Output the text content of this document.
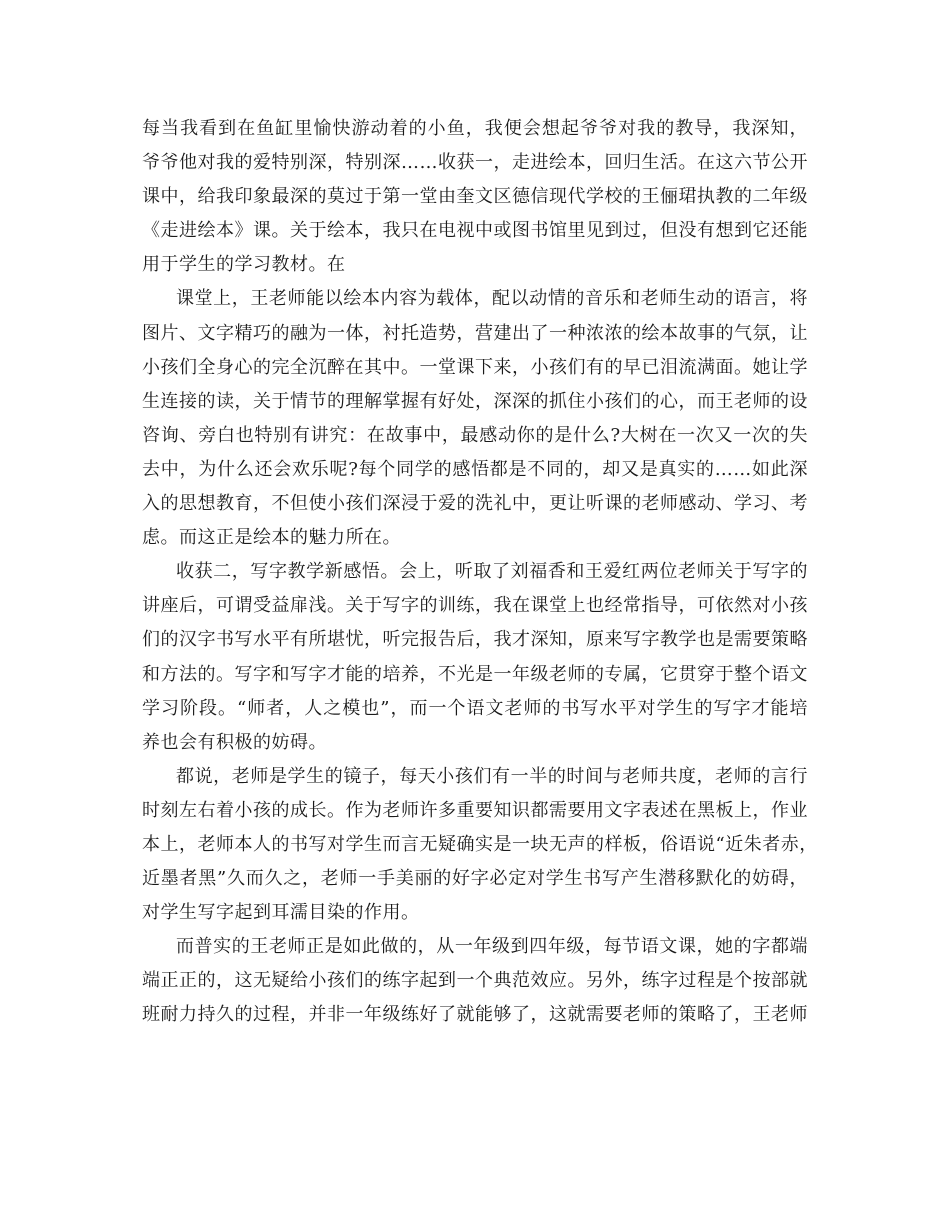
每当我看到在鱼缸里愉快游动着的小鱼，我便会想起爷爷对我的教导，我深知，
爷爷他对我的爱特别深，特别深……收获一，走进绘本，回归生活。在这六节公开
课中，给我印象最深的莫过于第一堂由奎文区德信现代学校的王俪珺执教的二年级
《走进绘本》课。关于绘本，我只在电视中或图书馆里见到过，但没有想到它还能
用于学生的学习教材。在
课堂上，王老师能以绘本内容为载体，配以动情的音乐和老师生动的语言，将
图片、文字精巧的融为一体，衬托造势，营建出了一种浓浓的绘本故事的气氛，让
小孩们全身心的完全沉醉在其中。一堂课下来，小孩们有的早已泪流满面。她让学
生连接的读，关于情节的理解掌握有好处，深深的抓住小孩们的心，而王老师的设
咨询、旁白也特别有讲究：在故事中，最感动你的是什么?大树在一次又一次的失
去中，为什么还会欢乐呢?每个同学的感悟都是不同的，却又是真实的……如此深
入的思想教育，不但使小孩们深浸于爱的洗礼中，更让听课的老师感动、学习、考
虑。而这正是绘本的魅力所在。
收获二，写字教学新感悟。会上，听取了刘福香和王爱红两位老师关于写字的
讲座后，可谓受益扉浅。关于写字的训练，我在课堂上也经常指导，可依然对小孩
们的汉字书写水平有所堪忧，听完报告后，我才深知，原来写字教学也是需要策略
和方法的。写字和写字才能的培养，不光是一年级老师的专属，它贯穿于整个语文
学习阶段。“师者，人之模也”，而一个语文老师的书写水平对学生的写字才能培
养也会有积极的妨碍。
都说，老师是学生的镜子，每天小孩们有一半的时间与老师共度，老师的言行
时刻左右着小孩的成长。作为老师许多重要知识都需要用文字表述在黑板上，作业
本上，老师本人的书写对学生而言无疑确实是一块无声的样板，俗语说“近朱者赤，
近墨者黑”久而久之，老师一手美丽的好字必定对学生书写产生潜移默化的妨碍，
对学生写字起到耳濡目染的作用。
而普实的王老师正是如此做的，从一年级到四年级，每节语文课，她的字都端
端正正的，这无疑给小孩们的练字起到一个典范效应。另外，练字过程是个按部就
班耐力持久的过程，并非一年级练好了就能够了，这就需要老师的策略了，王老师
